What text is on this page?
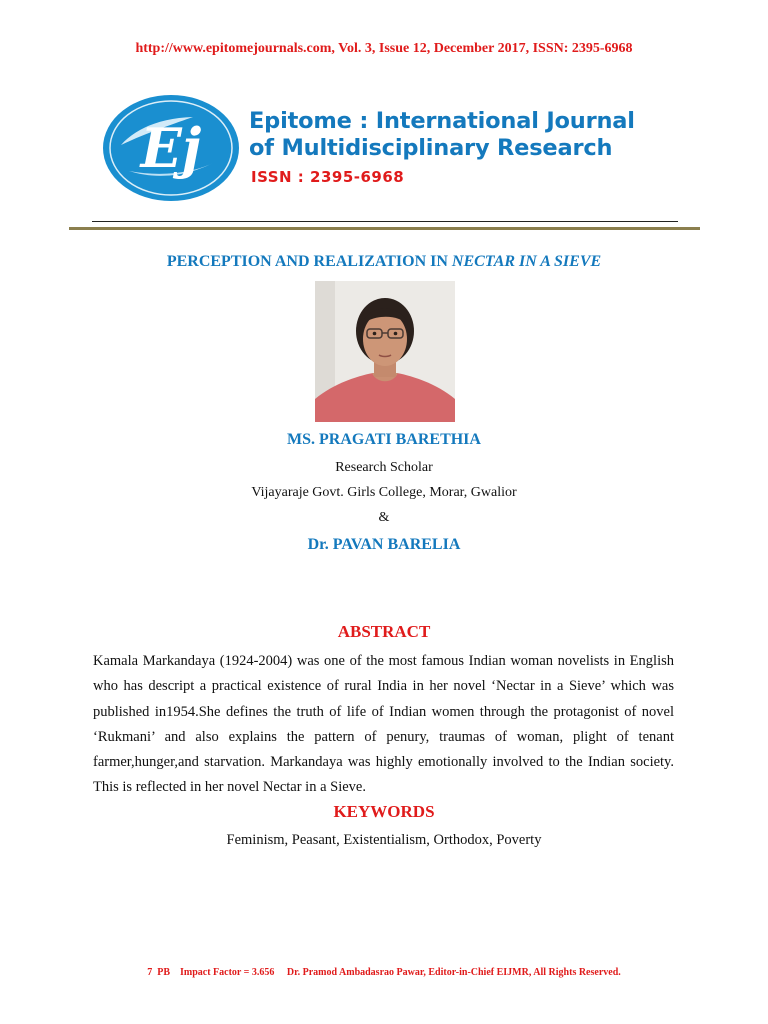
http://www.epitomejournals.com, Vol. 3, Issue 12, December 2017, ISSN: 2395-6968
Ej Epitome : International Journal
of Multidisciplinary Research
ISSN : 2395-6968
PERCEPTION AND REALIZATION IN NECTAR IN A SIEVE
MS. PRAGATI BARETHIA
Research Scholar
Vijayaraje Govt. Girls College, Morar, Gwalior
&
Dr. PAVAN BARELIA
ABSTRACT
Kamala Markandaya (1924-2004) was one of the most famous Indian woman novelists in English who has descript a practical existence of rural India in her novel ‘Nectar in a Sieve’ which was published in1954.She defines the truth of life of Indian women through the protagonist of novel ‘Rukmani’ and also explains the pattern of penury, traumas of woman, plight of tenant farmer,hunger,and starvation. Markandaya was highly emotionally involved to the Indian society. This is reflected in her novel Nectar in a Sieve.
KEYWORDS
Feminism, Peasant, Existentialism, Orthodox, Poverty
7  PB    Impact Factor = 3.656     Dr. Pramod Ambadasrao Pawar, Editor-in-Chief EIJMR, All Rights Reserved.
